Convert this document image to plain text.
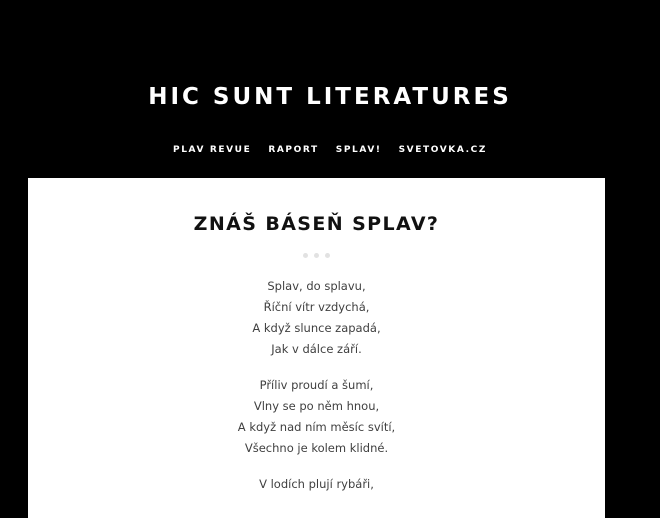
HIC SUNT LITERATURES
PLAV REVUE RAPORT SPLAV! SVETOVKA.CZ
ZNÁŠ BÁSEŇ SPLAV?

Splav, do splavu,
Říční vítr vzdychá,
A když slunce zapadá,
Jak v dálce září.

Příliv proudí a šumí,
Vlny se po něm hnou,
A když nad ním měsíc svítí,
Všechno je kolem klidné.

V lodích plují rybáři,
